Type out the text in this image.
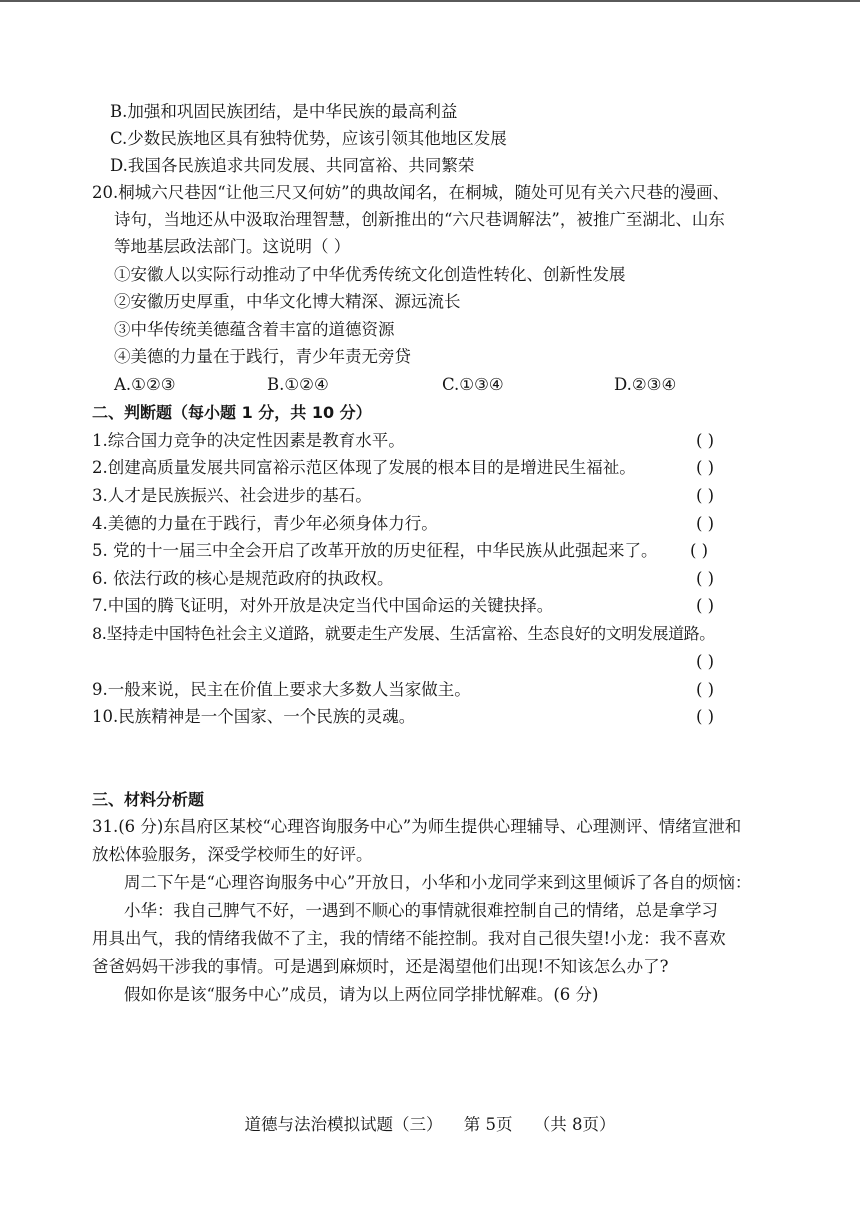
B.加强和巩固民族团结，是中华民族的最高利益
C.少数民族地区具有独特优势，应该引领其他地区发展
D.我国各民族追求共同发展、共同富裕、共同繁荣
20.桐城六尺巷因“让他三尺又何妨”的典故闻名，在桐城，随处可见有关六尺巷的漫画、
诗句，当地还从中汲取治理智慧，创新推出的“六尺巷调解法”，被推广至湖北、山东
等地基层政法部门。这说明（ ）
①安徽人以实际行动推动了中华优秀传统文化创造性转化、创新性发展
②安徽历史厚重，中华文化博大精深、源远流长
③中华传统美德蕴含着丰富的道德资源
④美德的力量在于践行，青少年责无旁贷
A.①②③	B.①②④	C.①③④	D.②③④
二、判断题（每小题 1 分，共 10 分）
1.综合国力竞争的决定性因素是教育水平。	( )
2.创建高质量发展共同富裕示范区体现了发展的根本目的是增进民生福祉。	( )
3.人才是民族振兴、社会进步的基石。	( )
4.美德的力量在于践行，青少年必须身体力行。	( )
5. 党的十一届三中全会开启了改革开放的历史征程，中华民族从此强起来了。 ( )
6. 依法行政的核心是规范政府的执政权。	( )
7.中国的腾飞证明，对外开放是决定当代中国命运的关键抉择。	( )
8.坚持走中国特色社会主义道路，就要走生产发展、生活富裕、生态良好的文明发展道路。
( )
9.一般来说，民主在价值上要求大多数人当家做主。	( )
10.民族精神是一个国家、一个民族的灵魂。	( )
三、材料分析题
31.(6 分)东昌府区某校“心理咨询服务中心”为师生提供心理辅导、心理测评、情绪宣泄和
放松体验服务，深受学校师生的好评。
周二下午是“心理咨询服务中心”开放日，小华和小龙同学来到这里倾诉了各自的烦恼：
小华：我自己脾气不好，一遇到不顺心的事情就很难控制自己的情绪，总是拿学习
用具出气，我的情绪我做不了主，我的情绪不能控制。我对自己很失望!小龙：我不喜欢
爸爸妈妈干涉我的事情。可是遇到麻烦时，还是渴望他们出现!不知该怎么办了?
假如你是该“服务中心”成员，请为以上两位同学排忧解难。(6 分)
道德与法治模拟试题（三） 第 5页 （共 8页）
